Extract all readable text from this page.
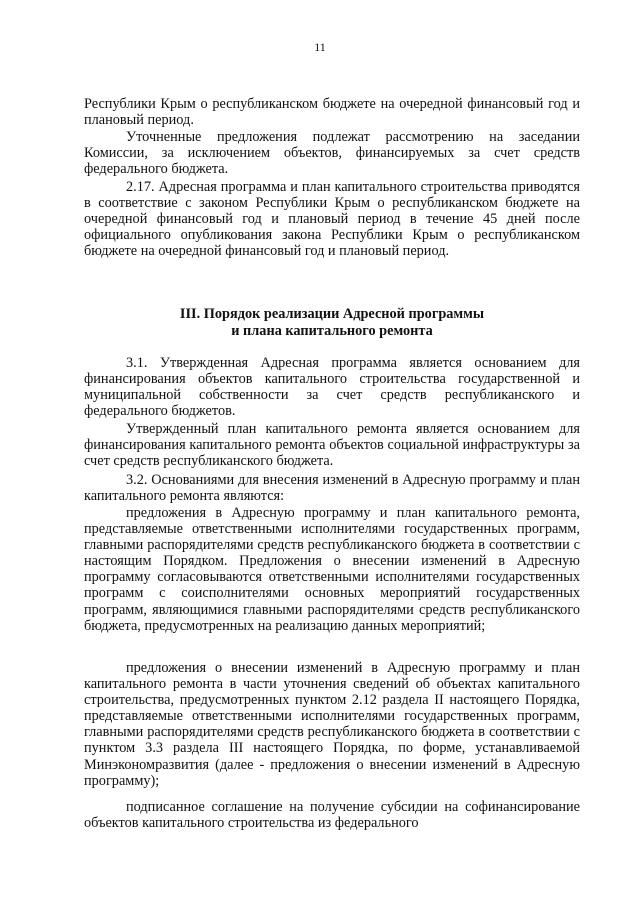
11
Республики Крым о республиканском бюджете на очередной финансовый год и плановый период.
Уточненные предложения подлежат рассмотрению на заседании Комиссии, за исключением объектов, финансируемых за счет средств федерального бюджета.
2.17. Адресная программа и план капитального строительства приводятся в соответствие с законом Республики Крым о республиканском бюджете на очередной финансовый год и плановый период в течение 45 дней после официального опубликования закона Республики Крым о республиканском бюджете на очередной финансовый год и плановый период.
III. Порядок реализации Адресной программы
и плана капитального ремонта
3.1. Утвержденная Адресная программа является основанием для финансирования объектов капитального строительства государственной и муниципальной собственности за счет средств республиканского и федерального бюджетов.
Утвержденный план капитального ремонта является основанием для финансирования капитального ремонта объектов социальной инфраструктуры за счет средств республиканского бюджета.
3.2. Основаниями для внесения изменений в Адресную программу и план капитального ремонта являются:
предложения в Адресную программу и план капитального ремонта, представляемые ответственными исполнителями государственных программ, главными распорядителями средств республиканского бюджета в соответствии с настоящим Порядком. Предложения о внесении изменений в Адресную программу согласовываются ответственными исполнителями государственных программ с соисполнителями основных мероприятий государственных программ, являющимися главными распорядителями средств республиканского бюджета, предусмотренных на реализацию данных мероприятий;
предложения о внесении изменений в Адресную программу и план капитального ремонта в части уточнения сведений об объектах капитального строительства, предусмотренных пунктом 2.12 раздела II настоящего Порядка, представляемые ответственными исполнителями государственных программ, главными распорядителями средств республиканского бюджета в соответствии с пунктом 3.3 раздела III настоящего Порядка, по форме, устанавливаемой Минэкономразвития (далее - предложения о внесении изменений в Адресную программу);
подписанное соглашение на получение субсидии на софинансирование объектов капитального строительства из федерального
